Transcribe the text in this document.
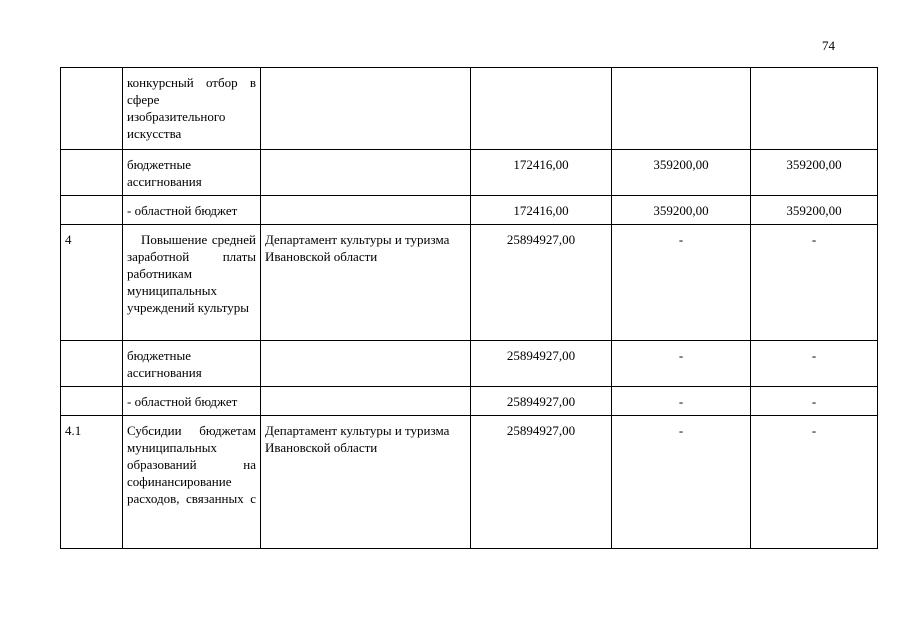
74
	конкурсный отбор в сфере изобразительного искусства				
	бюджетные ассигнования		172416,00	359200,00	359200,00
	- областной бюджет		172416,00	359200,00	359200,00
4	Повышение средней заработной платы работникам муниципальных учреждений культуры	Департамент культуры и туризма Ивановской области	25894927,00	-	-
	бюджетные ассигнования		25894927,00	-	-
	- областной бюджет		25894927,00	-	-
4.1	Субсидии бюджетам муниципальных образований на софинансирование расходов, связанных с	Департамент культуры и туризма Ивановской области	25894927,00	-	-
